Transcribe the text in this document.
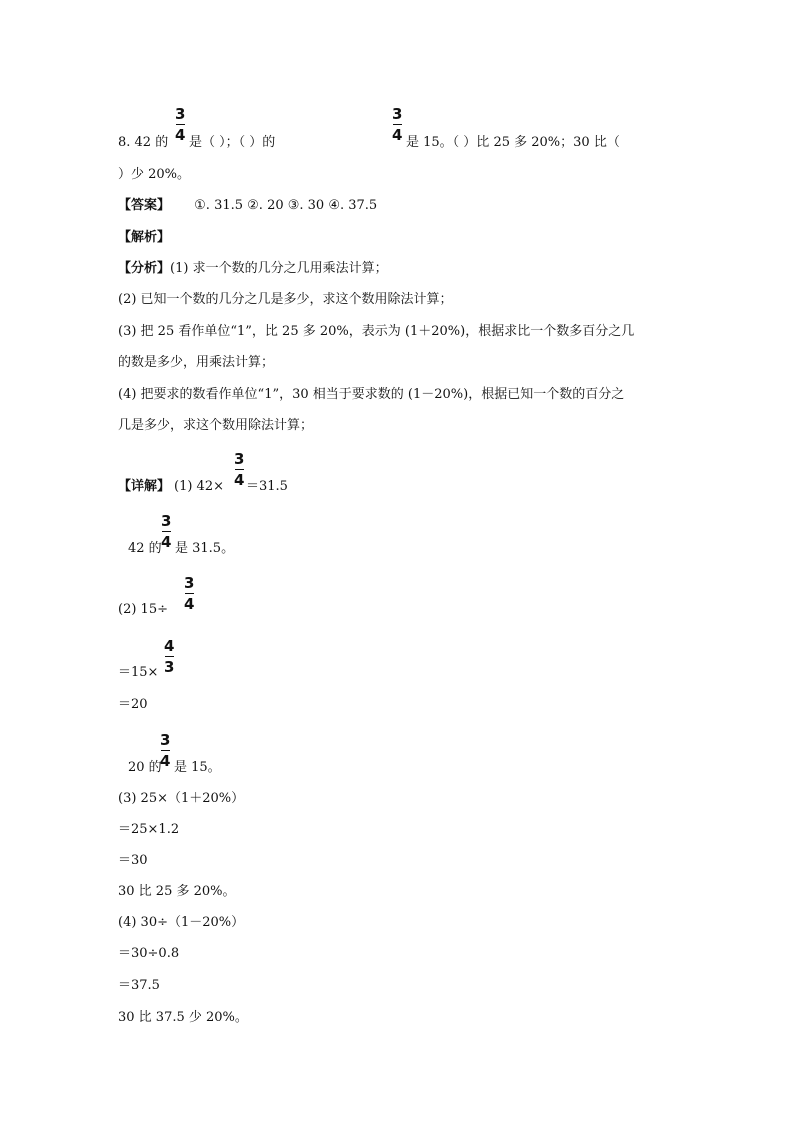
8. 42 的
3
4 是（ ）；（ ）的
3
4 是 15。（ ）比 25 多 20%；30 比（
）少 20%。
【答案】 ①. 31.5 ②. 20 ③. 30 ④. 37.5
【解析】
【分析】(1) 求一个数的几分之几用乘法计算；
(2) 已知一个数的几分之几是多少，求这个数用除法计算；
(3) 把 25 看作单位“1”，比 25 多 20%，表示为 (1＋20%)，根据求比一个数多百分之几
的数是多少，用乘法计算；
(4) 把要求的数看作单位“1”，30 相当于要求数的 (1－20%)，根据已知一个数的百分之
几是多少，求这个数用除法计算；
【详解】 (1) 42×
3
4 ＝31.5
42 的
3
4 是 31.5。
(2) 15÷
3
4
＝15×
4
3
＝20
20 的
3
4 是 15。
(3) 25×（1＋20%）
＝25×1.2
＝30
30 比 25 多 20%。
(4) 30÷（1－20%）
＝30÷0.8
＝37.5
30 比 37.5 少 20%。
